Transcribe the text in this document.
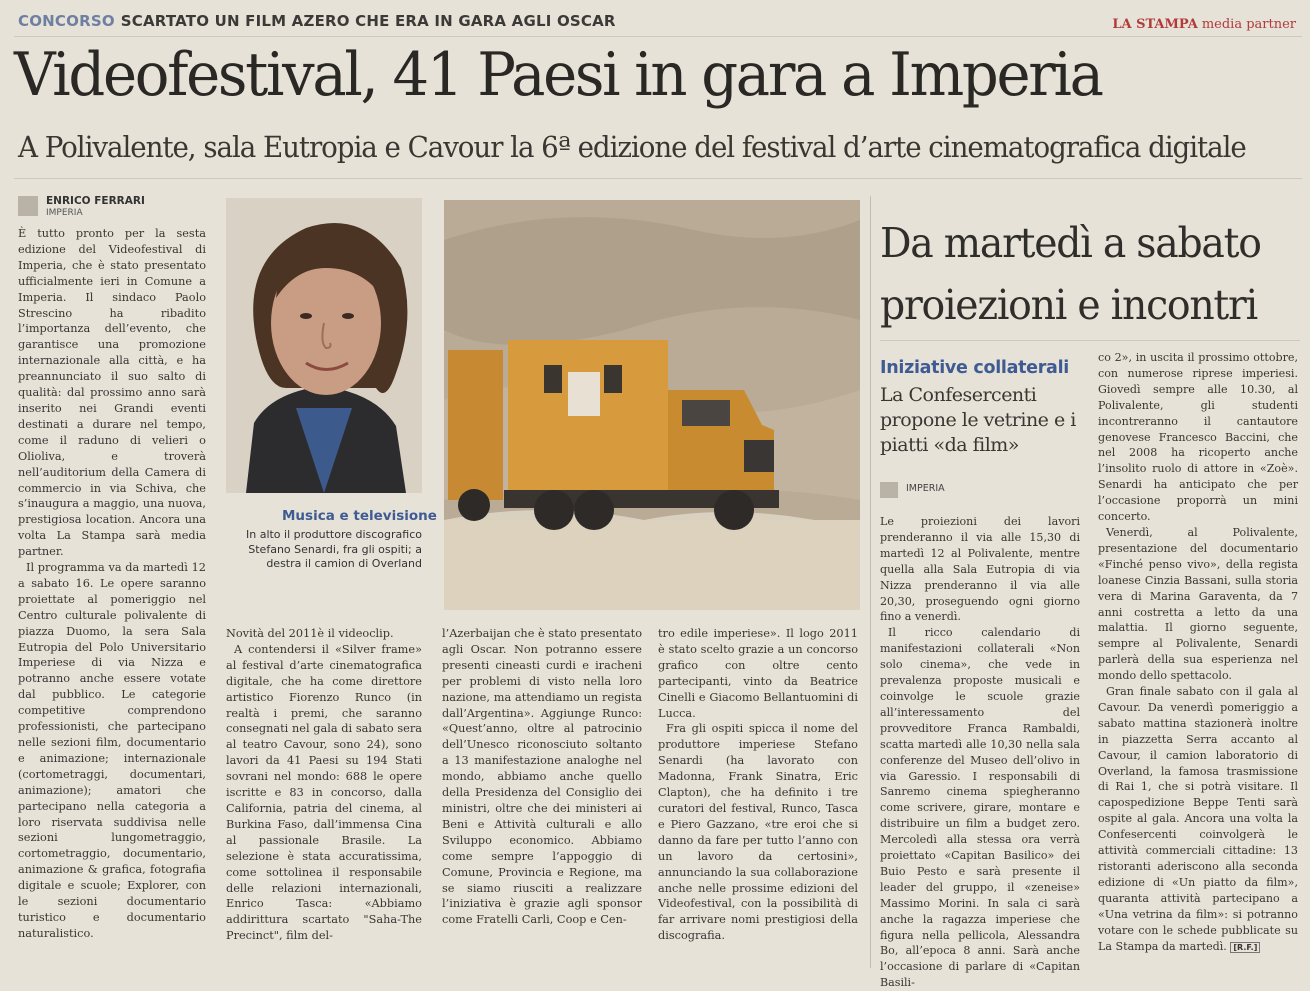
CONCORSO SCARTATO UN FILM AZERO CHE ERA IN GARA AGLI OSCAR	LA STAMPA media partner
Videofestival, 41 Paesi in gara a Imperia
A Polivalente, sala Eutropia e Cavour la 6ª edizione del festival d’arte cinematografica digitale
ENRICO FERRARI
IMPERIA

È tutto pronto per la sesta edizione del Videofestival di Imperia, che è stato presentato ufficialmente ieri in Comune a Imperia. Il sindaco Paolo Strescino ha ribadito l’importanza dell’evento, che garantisce una promozione internazionale alla città, e ha preannunciato il suo salto di qualità: dal prossimo anno sarà inserito nei Grandi eventi destinati a durare nel tempo, come il raduno di velieri o Olioliva, e troverà nell’auditorium della Camera di commercio in via Schiva, che s’inaugura a maggio, una nuova, prestigiosa location. Ancora una volta La Stampa sarà media partner.

Il programma va da martedì 12 a sabato 16. Le opere saranno proiettate al pomeriggio nel Centro culturale polivalente di piazza Duomo, la sera Sala Eutropia del Polo Universitario Imperiese di via Nizza e potranno anche essere votate dal pubblico. Le categorie competitive comprendono professionisti, che partecipano nelle sezioni film, documentario e animazione; internazionale (cortometraggi, documentari, animazione); amatori che partecipano nella categoria a loro riservata suddivisa nelle sezioni lungometraggio, cortometraggio, documentario, animazione & grafica, fotografia digitale e scuole; Explorer, con le sezioni documentario turistico e documentario naturalistico.

Musica e televisione
In alto il produttore discografico Stefano Senardi, fra gli ospiti; a destra il camion di Overland

Novità del 2011è il videoclip.

A contendersi il «Silver frame» al festival d’arte cinematografica digitale, che ha come direttore artistico Fiorenzo Runco (in realtà i premi, che saranno consegnati nel gala di sabato sera al teatro Cavour, sono 24), sono lavori da 41 Paesi su 194 Stati sovrani nel mondo: 688 le opere iscritte e 83 in concorso, dalla California, patria del cinema, al Burkina Faso, dall’immensa Cina al passionale Brasile. La selezione è stata accuratissima, come sottolinea il responsabile delle relazioni internazionali, Enrico Tasca: «Abbiamo addirittura scartato "Saha-The Precinct", film del-

l’Azerbaijan che è stato presentato agli Oscar. Non potranno essere presenti cineasti curdi e iracheni per problemi di visto nella loro nazione, ma attendiamo un regista dall’Argentina». Aggiunge Runco: «Quest’anno, oltre al patrocinio dell’Unesco riconosciuto soltanto a 13 manifestazione analoghe nel mondo, abbiamo anche quello della Presidenza del Consiglio dei ministri, oltre che dei ministeri ai Beni e Attività culturali e allo Sviluppo economico. Abbiamo come sempre l’appoggio di Comune, Provincia e Regione, ma se siamo riusciti a realizzare l’iniziativa è grazie agli sponsor come Fratelli Carli, Coop e Cen-

tro edile imperiese». Il logo 2011 è stato scelto grazie a un concorso grafico con oltre cento partecipanti, vinto da Beatrice Cinelli e Giacomo Bellantuomini di Lucca.

Fra gli ospiti spicca il nome del produttore imperiese Stefano Senardi (ha lavorato con Madonna, Frank Sinatra, Eric Clapton), che ha definito i tre curatori del festival, Runco, Tasca e Piero Gazzano, «tre eroi che si danno da fare per tutto l’anno con un lavoro da certosini», annunciando la sua collaborazione anche nelle prossime edizioni del Videofestival, con la possibilità di far arrivare nomi prestigiosi della discografia.

Da martedì a sabato
proiezioni e incontri
Iniziative collaterali
La Confesercenti propone le vetrine e i piatti «da film»
IMPERIA

Le proiezioni dei lavori prenderanno il via alle 15,30 di martedì 12 al Polivalente, mentre quella alla Sala Eutropia di via Nizza prenderanno il via alle 20,30, proseguendo ogni giorno fino a venerdì.

Il ricco calendario di manifestazioni collaterali «Non solo cinema», che vede in prevalenza proposte musicali e coinvolge le scuole grazie all’interessamento del provveditore Franca Rambaldi, scatta martedì alle 10,30 nella sala conferenze del Museo dell’olivo in via Garessio. I responsabili di Sanremo cinema spiegheranno come scrivere, girare, montare e distribuire un film a budget zero. Mercoledì alla stessa ora verrà proiettato «Capitan Basilico» dei Buio Pesto e sarà presente il leader del gruppo, il «zeneise» Massimo Morini. In sala ci sarà anche la ragazza imperiese che figura nella pellicola, Alessandra Bo, all’epoca 8 anni. Sarà anche l’occasione di parlare di «Capitan Basili-

co 2», in uscita il prossimo ottobre, con numerose riprese imperiesi. Giovedì sempre alle 10.30, al Polivalente, gli studenti incontreranno il cantautore genovese Francesco Baccini, che nel 2008 ha ricoperto anche l’insolito ruolo di attore in «Zoè». Senardi ha anticipato che per l’occasione proporrà un mini concerto.

Venerdì, al Polivalente, presentazione del documentario «Finché penso vivo», della regista loanese Cinzia Bassani, sulla storia vera di Marina Garaventa, da 7 anni costretta a letto da una malattia. Il giorno seguente, sempre al Polivalente, Senardi parlerà della sua esperienza nel mondo dello spettacolo.

Gran finale sabato con il gala al Cavour. Da venerdì pomeriggio a sabato mattina stazionerà inoltre in piazzetta Serra accanto al Cavour, il camion laboratorio di Overland, la famosa trasmissione di Rai 1, che si potrà visitare. Il capospedizione Beppe Tenti sarà ospite al gala. Ancora una volta la Confesercenti coinvolgerà le attività commerciali cittadine: 13 ristoranti aderiscono alla seconda edizione di «Un piatto da film», quaranta attività partecipano a «Una vetrina da film»: si potranno votare con le schede pubblicate su La Stampa da martedì. [R.F.]
